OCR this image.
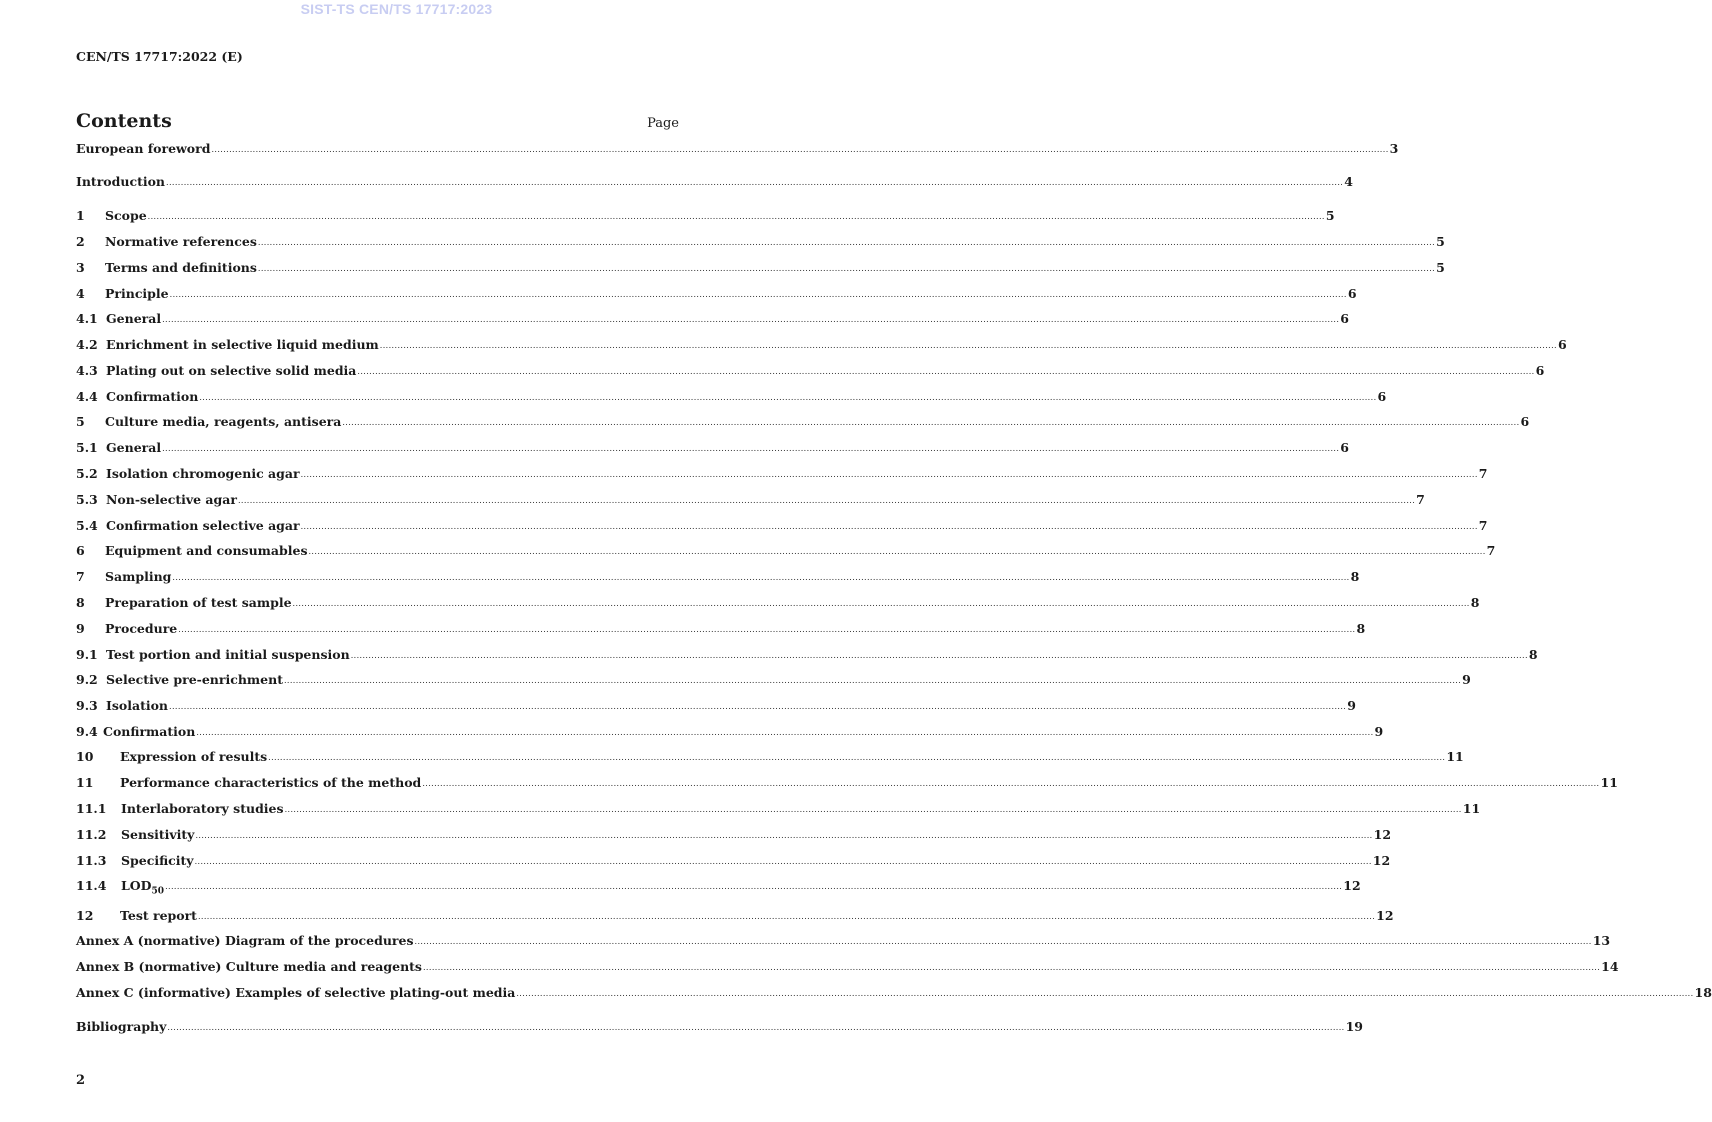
SIST-TS CEN/TS 17717:2023
CEN/TS 17717:2022 (E)
Contents	Page
European foreword ................................................................................................................................................................................................................................................................................................................................................................................................................ 3
Introduction ................................................................................................................................................................................................................................................................................................................................................................................................................ 4
1	Scope ................................................................................................................................................................................................................................................................................................................................................................................................................ 5
2	Normative references ................................................................................................................................................................................................................................................................................................................................................................................................................ 5
3	Terms and definitions ................................................................................................................................................................................................................................................................................................................................................................................................................ 5
4	Principle ................................................................................................................................................................................................................................................................................................................................................................................................................ 6
4.1 General ................................................................................................................................................................................................................................................................................................................................................................................................................ 6
4.2 Enrichment in selective liquid medium ................................................................................................................................................................................................................................................................................................................................................................................................................ 6
4.3 Plating out on selective solid media ................................................................................................................................................................................................................................................................................................................................................................................................................ 6
4.4 Confirmation ................................................................................................................................................................................................................................................................................................................................................................................................................ 6
5	Culture media, reagents, antisera ................................................................................................................................................................................................................................................................................................................................................................................................................ 6
5.1 General ................................................................................................................................................................................................................................................................................................................................................................................................................ 6
5.2 Isolation chromogenic agar ................................................................................................................................................................................................................................................................................................................................................................................................................ 7
5.3 Non-selective agar ................................................................................................................................................................................................................................................................................................................................................................................................................ 7
5.4 Confirmation selective agar ................................................................................................................................................................................................................................................................................................................................................................................................................ 7
6	Equipment and consumables ................................................................................................................................................................................................................................................................................................................................................................................................................ 7
7	Sampling ................................................................................................................................................................................................................................................................................................................................................................................................................ 8
8	Preparation of test sample ................................................................................................................................................................................................................................................................................................................................................................................................................ 8
9	Procedure ................................................................................................................................................................................................................................................................................................................................................................................................................ 8
9.1 Test portion and initial suspension ................................................................................................................................................................................................................................................................................................................................................................................................................ 8
9.2 Selective pre-enrichment ................................................................................................................................................................................................................................................................................................................................................................................................................ 9
9.3 Isolation ................................................................................................................................................................................................................................................................................................................................................................................................................ 9
9.4 Confirmation ................................................................................................................................................................................................................................................................................................................................................................................................................ 9
10	Expression of results ................................................................................................................................................................................................................................................................................................................................................................................................................ 11
11	Performance characteristics of the method ................................................................................................................................................................................................................................................................................................................................................................................................................ 11
11.1	Interlaboratory studies ................................................................................................................................................................................................................................................................................................................................................................................................................ 11
11.2	Sensitivity ................................................................................................................................................................................................................................................................................................................................................................................................................ 12
11.3	Specificity ................................................................................................................................................................................................................................................................................................................................................................................................................ 12
11.4	$LOD_{50}$ ................................................................................................................................................................................................................................................................................................................................................................................................................ 12
12	Test report ................................................................................................................................................................................................................................................................................................................................................................................................................ 12
Annex A (normative) Diagram of the procedures ................................................................................................................................................................................................................................................................................................................................................................................................................ 13
Annex B (normative) Culture media and reagents ................................................................................................................................................................................................................................................................................................................................................................................................................ 14
Annex C (informative) Examples of selective plating-out media ................................................................................................................................................................................................................................................................................................................................................................................................................ 18
Bibliography ................................................................................................................................................................................................................................................................................................................................................................................................................ 19
2
